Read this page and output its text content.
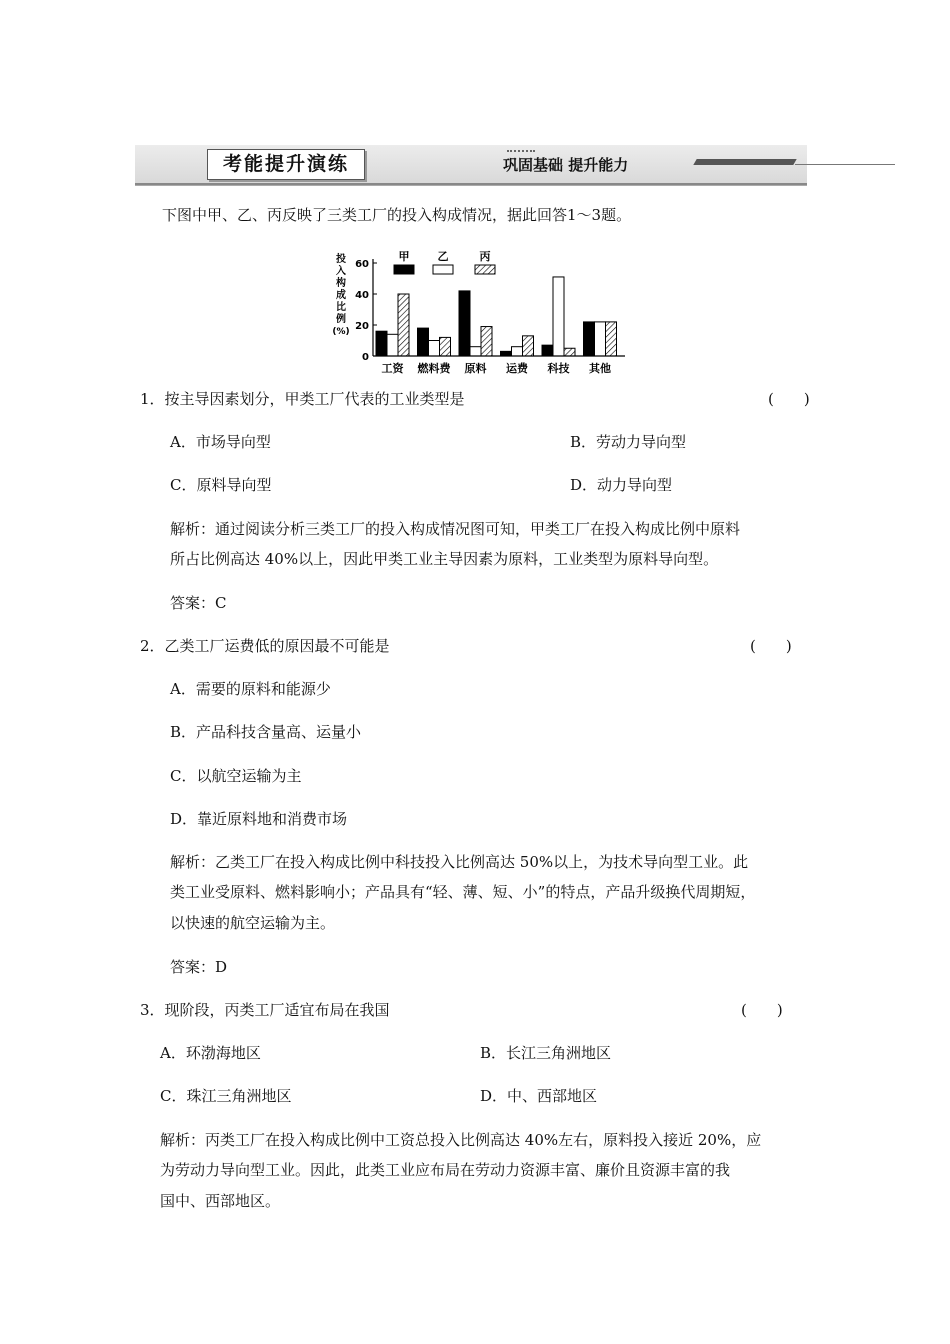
考能提升演练	巩固基础 提升能力
下图中甲、乙、丙反映了三类工厂的投入构成情况，据此回答1～3题。
投
入
构
成
比
例
(%)
0
20
40
60
甲	乙	丙
工资 燃料费 原料 运费 科技 其他
1．按主导因素划分，甲类工厂代表的工业类型是	(　　)
A．市场导向型	B．劳动力导向型
C．原料导向型	D．动力导向型
解析：通过阅读分析三类工厂的投入构成情况图可知，甲类工厂在投入构成比例中原料
所占比例高达 40%以上，因此甲类工业主导因素为原料，工业类型为原料导向型。
答案：C
2．乙类工厂运费低的原因最不可能是	(　　)
A．需要的原料和能源少
B．产品科技含量高、运量小
C．以航空运输为主
D．靠近原料地和消费市场
解析：乙类工厂在投入构成比例中科技投入比例高达 50%以上，为技术导向型工业。此
类工业受原料、燃料影响小；产品具有“轻、薄、短、小”的特点，产品升级换代周期短，
以快速的航空运输为主。
答案：D
3．现阶段，丙类工厂适宜布局在我国	(　　)
A．环渤海地区	B．长江三角洲地区
C．珠江三角洲地区	D．中、西部地区
解析：丙类工厂在投入构成比例中工资总投入比例高达 40%左右，原料投入接近 20%，应
为劳动力导向型工业。因此，此类工业应布局在劳动力资源丰富、廉价且资源丰富的我
国中、西部地区。
